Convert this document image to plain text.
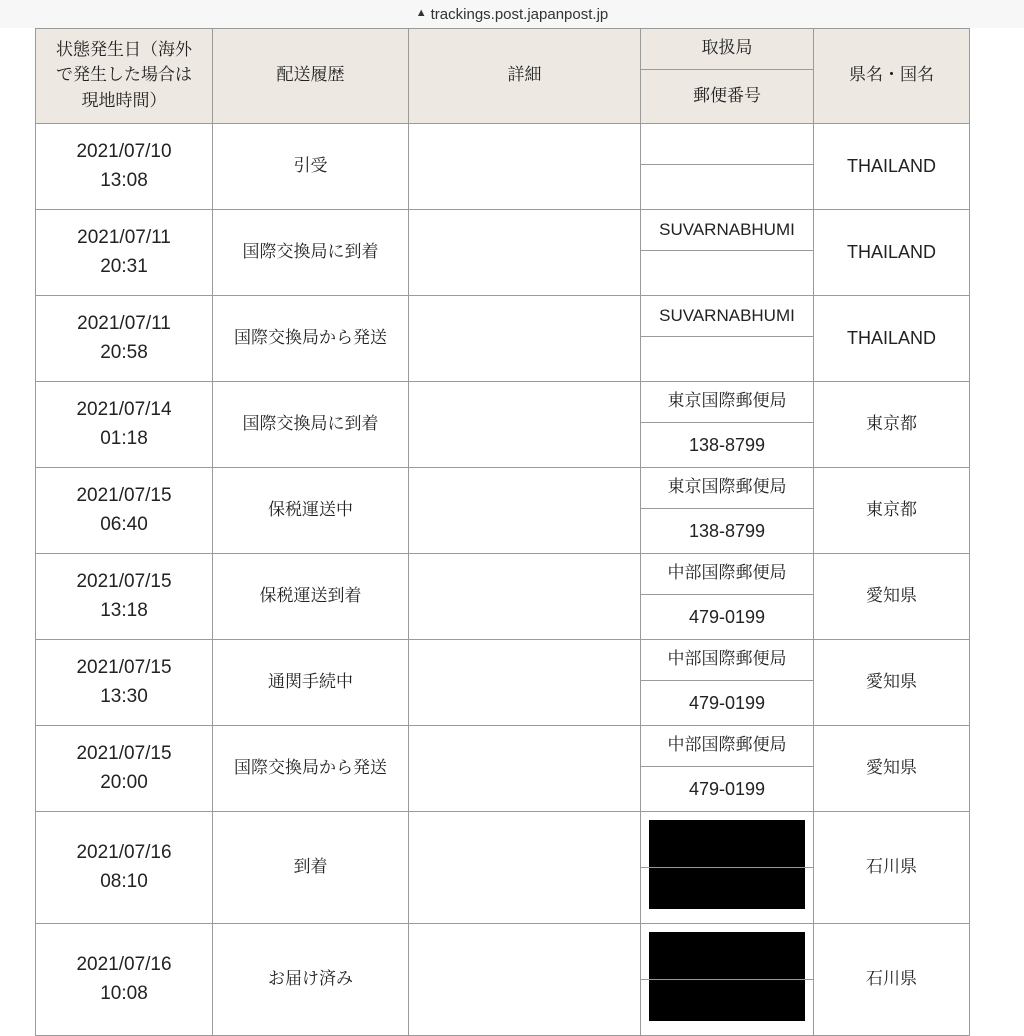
▲ trackings.post.japanpost.jp
状態発生日（海外で発生した場合は現地時間）	配送履歴	詳細	取扱局	県名・国名
			郵便番号	

2021/07/10
13:08	引受			THAILAND

2021/07/11
20:31	国際交換局に到着		SUVARNABHUMI	THAILAND

2021/07/11
20:58	国際交換局から発送		SUVARNABHUMI	THAILAND

2021/07/14
01:18	国際交換局に到着		東京国際郵便局	東京都
			138-8799	

2021/07/15
06:40	保税運送中		東京国際郵便局	東京都
			138-8799	

2021/07/15
13:18	保税運送到着		中部国際郵便局	愛知県
			479-0199	

2021/07/15
13:30	通関手続中		中部国際郵便局	愛知県
			479-0199	

2021/07/15
20:00	国際交換局から発送		中部国際郵便局	愛知県
			479-0199	

2021/07/16
08:10	到着			石川県

2021/07/16
10:08	お届け済み			石川県
